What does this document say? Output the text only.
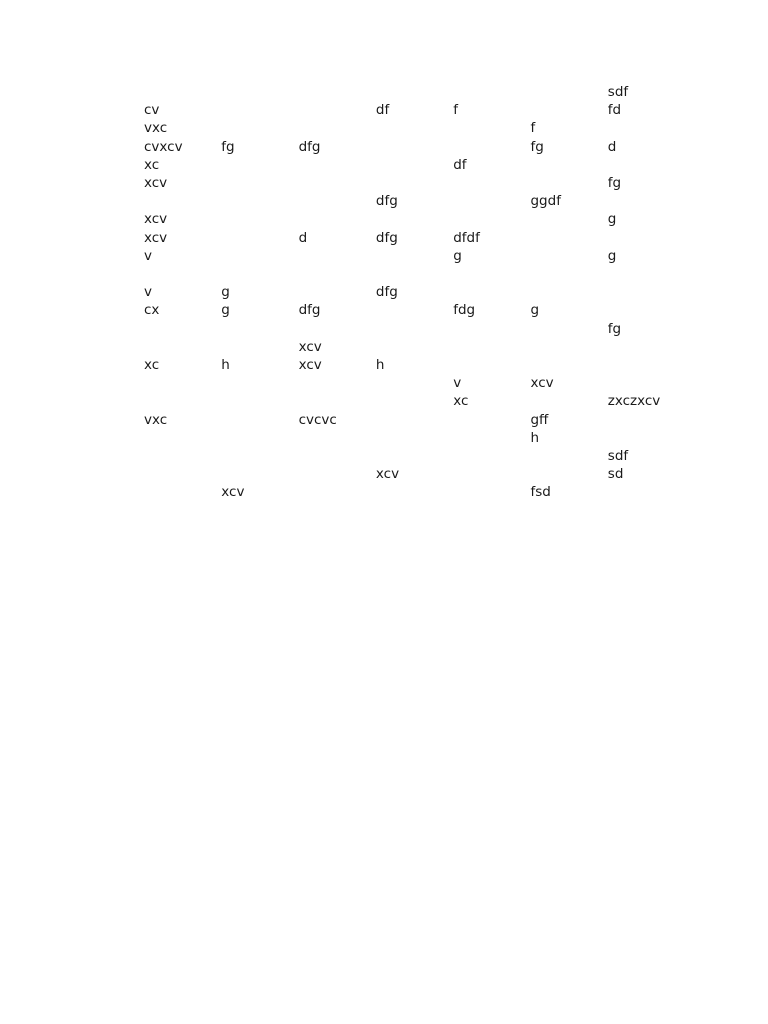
						sdf
cv			df	f		fd
vxc					f	
cvxcv	fg	dfg			fg	d
xc				df		
xcv						fg
			dfg		ggdf	
xcv						g
xcv		d	dfg	dfdf		
v				g		g

v	g		dfg			
cx	g	dfg		fdg	g	
						fg
		xcv				
xc	h	xcv	h			
				v	xcv	
				xc		zxczxcv
vxc		cvcvc			gff	
					h	
						sdf
			xcv			sd
	xcv				fsd	
